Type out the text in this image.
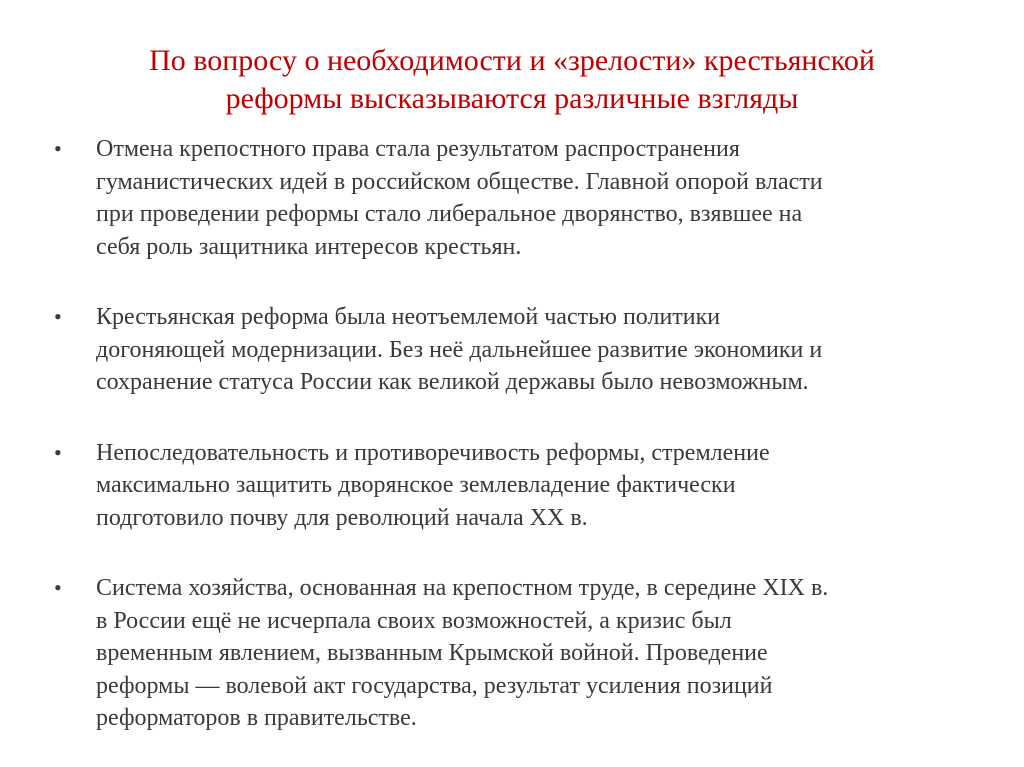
По вопросу о необходимости и «зрелости» крестьянской
реформы высказываются различные взгляды
•	Отмена крепостного права стала результатом распространения
гуманистических идей в российском обществе. Главной опорой власти
при проведении реформы стало либеральное дворянство, взявшее на
себя роль защитника интересов крестьян.
•	Крестьянская реформа была неотъемлемой частью политики
догоняющей модернизации. Без неё дальнейшее развитие экономики и
сохранение статуса России как великой державы было невозможным.
•	Непоследовательность и противоречивость реформы, стремление
максимально защитить дворянское землевладение фактически
подготовило почву для революций начала XX в.
•	Система хозяйства, основанная на крепостном труде, в середине XIX в.
в России ещё не исчерпала своих возможностей, а кризис был
временным явлением, вызванным Крымской войной. Проведение
реформы — волевой акт государства, результат усиления позиций
реформаторов в правительстве.
